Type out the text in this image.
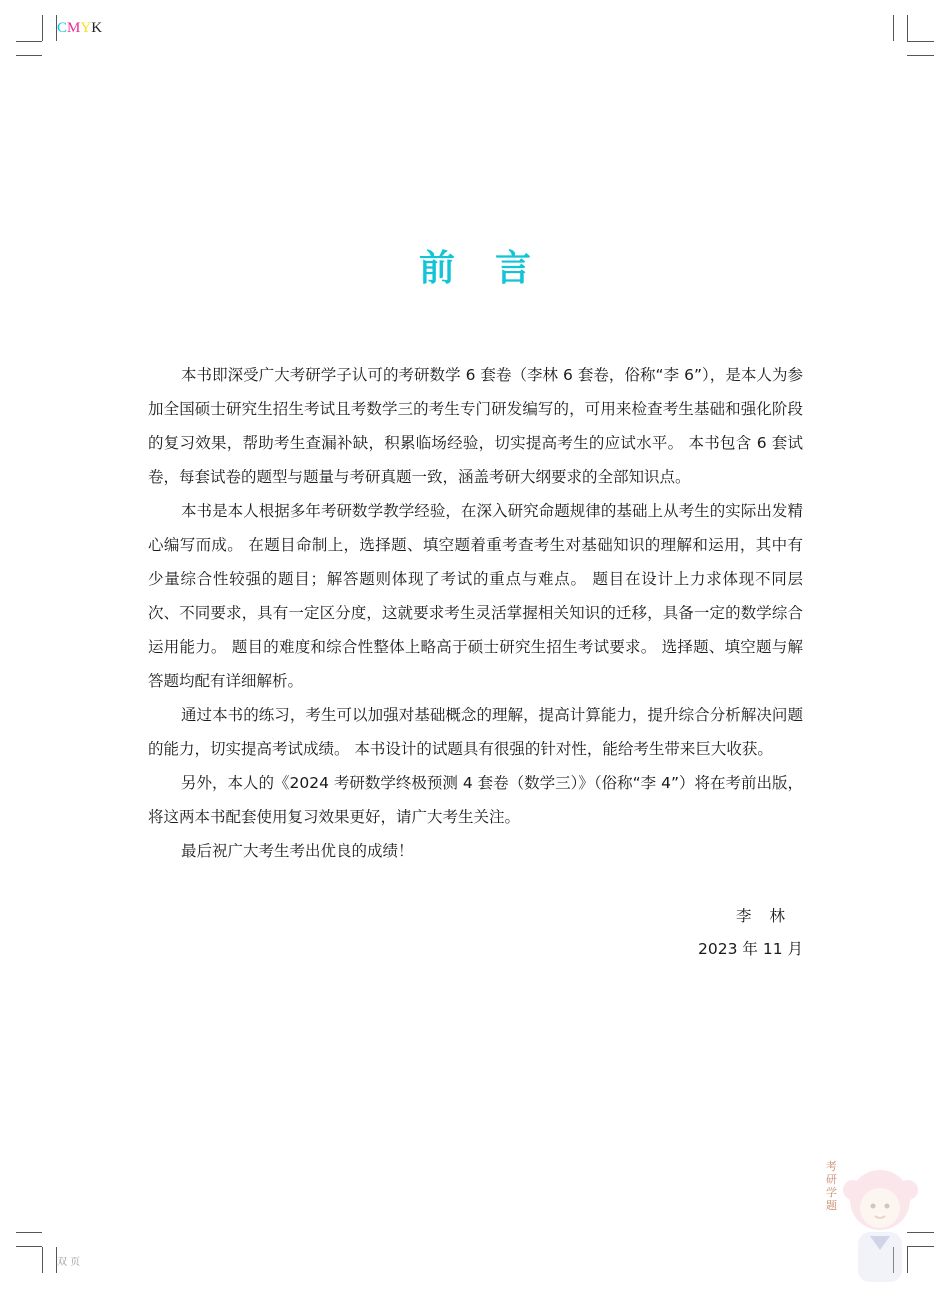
CMYK
前言

本书即深受广大考研学子认可的考研数学 6 套卷（李林 6 套卷，俗称“李 6”），是本人为参加全国硕士研究生招生考试且考数学三的考生专门研发编写的，可用来检查考生基础和强化阶段的复习效果，帮助考生查漏补缺，积累临场经验，切实提高考生的应试水平。 本书包含 6 套试卷，每套试卷的题型与题量与考研真题一致，涵盖考研大纲要求的全部知识点。

本书是本人根据多年考研数学教学经验，在深入研究命题规律的基础上从考生的实际出发精心编写而成。 在题目命制上，选择题、填空题着重考查考生对基础知识的理解和运用，其中有少量综合性较强的题目；解答题则体现了考试的重点与难点。 题目在设计上力求体现不同层次、不同要求，具有一定区分度，这就要求考生灵活掌握相关知识的迁移，具备一定的数学综合运用能力。 题目的难度和综合性整体上略高于硕士研究生招生考试要求。 选择题、填空题与解答题均配有详细解析。

通过本书的练习，考生可以加强对基础概念的理解，提高计算能力，提升综合分析解决问题的能力，切实提高考试成绩。 本书设计的试题具有很强的针对性，能给考生带来巨大收获。

另外，本人的《2024 考研数学终极预测 4 套卷（数学三）》（俗称“李 4”）将在考前出版，将这两本书配套使用复习效果更好，请广大考生关注。

最后祝广大考生考出优良的成绩！

李林
2023 年 11 月
双 页
考研学题
